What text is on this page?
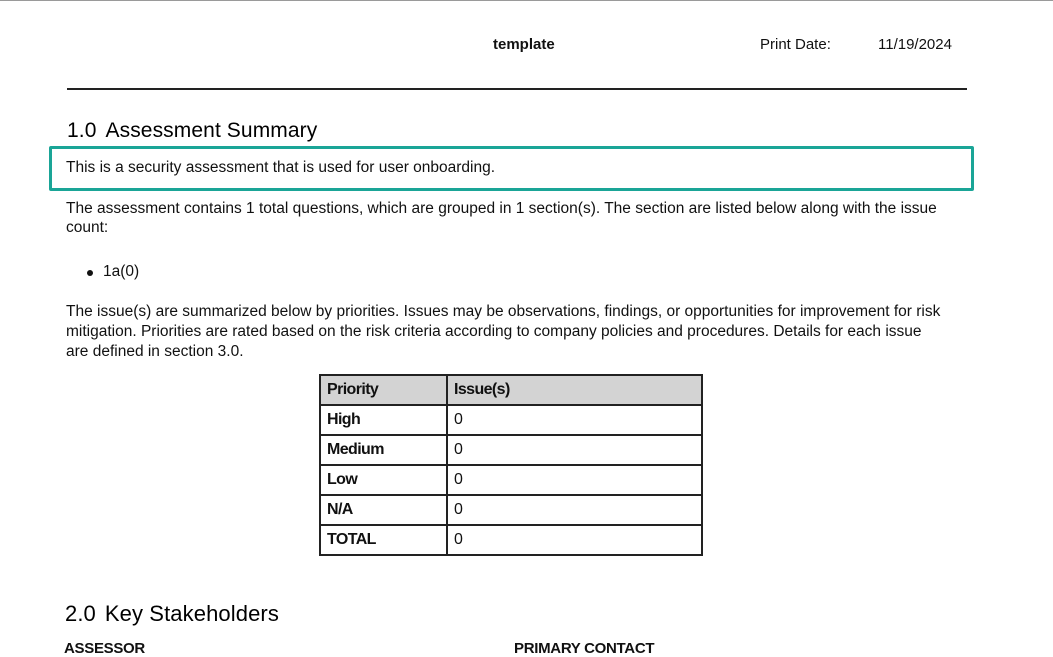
template	Print Date:	11/19/2024
1.0 Assessment Summary

This is a security assessment that is used for user onboarding.

The assessment contains 1 total questions, which are grouped in 1 section(s). The section are listed below along with the issue count:

1a(0)

The issue(s) are summarized below by priorities. Issues may be observations, findings, or opportunities for improvement for risk mitigation. Priorities are rated based on the risk criteria according to company policies and procedures. Details for each issue are defined in section 3.0.

Priority	Issue(s)
High	0
Medium	0
Low	0
N/A	0
TOTAL	0
2.0 Key Stakeholders
ASSESSOR	PRIMARY CONTACT
